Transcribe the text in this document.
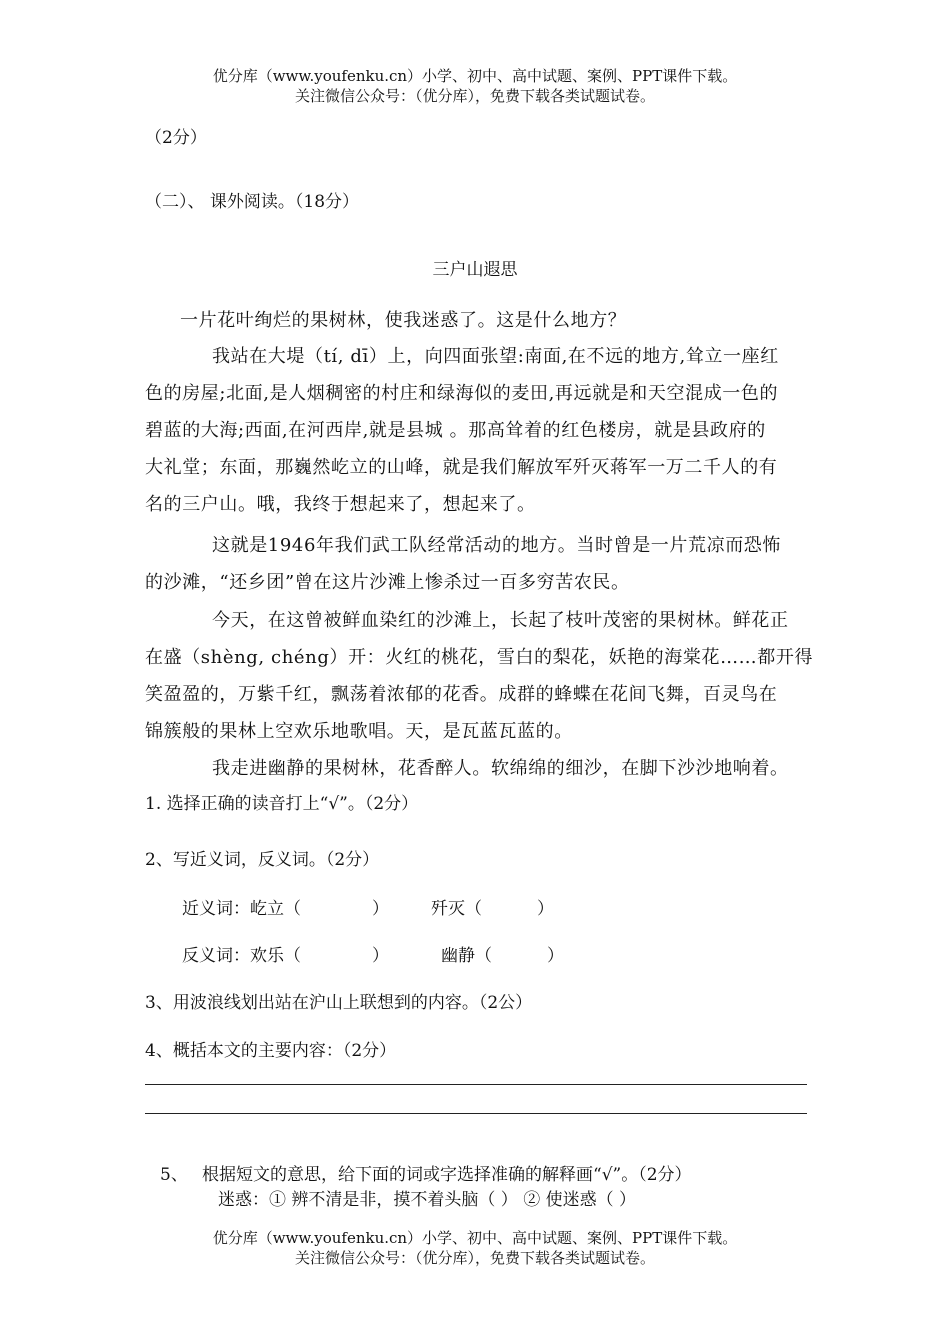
优分库（www.youfenku.cn）小学、初中、高中试题、案例、PPT课件下载。
关注微信公众号：（优分库），免费下载各类试题试卷。
（2分）
（二）、 课外阅读。（18分）
三户山遐思
一片花叶绚烂的果树林，使我迷惑了。这是什么地方？
我站在大堤（tí, dī）上，向四面张望:南面,在不远的地方,耸立一座红
色的房屋;北面,是人烟稠密的村庄和绿海似的麦田,再远就是和天空混成一色的
碧蓝的大海;西面,在河西岸,就是县城 。那高耸着的红色楼房，就是县政府的
大礼堂；东面，那巍然屹立的山峰，就是我们解放军歼灭蒋军一万二千人的有
名的三户山。哦，我终于想起来了，想起来了。
这就是1946年我们武工队经常活动的地方。当时曾是一片荒凉而恐怖
的沙滩，“还乡团”曾在这片沙滩上惨杀过一百多穷苦农民。
今天，在这曾被鲜血染红的沙滩上，长起了枝叶茂密的果树林。鲜花正
在盛（shèng, chéng）开：火红的桃花，雪白的梨花，妖艳的海棠花……都开得
笑盈盈的，万紫千红，飘荡着浓郁的花香。成群的蜂蝶在花间飞舞，百灵鸟在
锦簇般的果林上空欢乐地歌唱。天，是瓦蓝瓦蓝的。
我走进幽静的果树林，花香醉人。软绵绵的细沙，在脚下沙沙地响着。
1. 选择正确的读音打上“√”。（2分）
2、写近义词，反义词。（2分）
近义词：屹立（	） 歼灭（	）
反义词：欢乐（	）	幽静（	）
3、用波浪线划出站在沪山上联想到的内容。（2公）
4、概括本文的主要内容：（2分）
5、 根据短文的意思，给下面的词或字选择准确的解释画“√”。（2分）
迷惑：① 辨不清是非，摸不着头脑（ ） ② 使迷惑（ ）
优分库（www.youfenku.cn）小学、初中、高中试题、案例、PPT课件下载。
关注微信公众号：（优分库），免费下载各类试题试卷。
